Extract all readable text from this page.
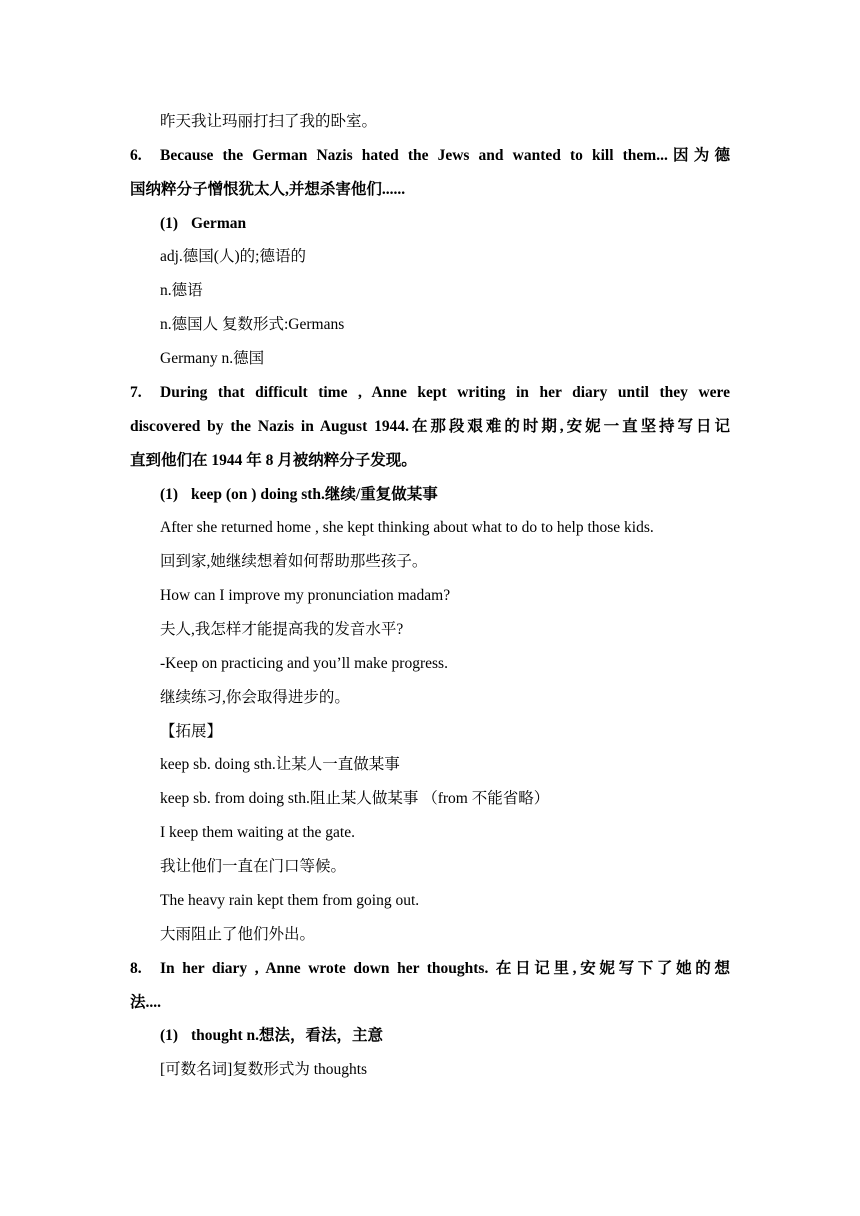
昨天我让玛丽打扫了我的卧室。
6. Because the German Nazis hated the Jews and wanted to kill them...因为德
国纳粹分子憎恨犹太人,并想杀害他们......
(1) German
adj.德国(人)的;德语的
n.德语
n.德国人 复数形式:Germans
Germany n.德国
7. During that difficult time , Anne kept writing in her diary until they were
discovered by the Nazis in August 1944.在那段艰难的时期,安妮一直坚持写日记
直到他们在 1944 年 8 月被纳粹分子发现。
(1) keep (on ) doing sth.继续/重复做某事
After she returned home , she kept thinking about what to do to help those kids.
回到家,她继续想着如何帮助那些孩子。
How can I improve my pronunciation madam?
夫人,我怎样才能提高我的发音水平?
-Keep on practicing and you’ll make progress.
继续练习,你会取得进步的。
【拓展】
keep sb. doing sth.让某人一直做某事
keep sb. from doing sth.阻止某人做某事 （from 不能省略）
I keep them waiting at the gate.
我让他们一直在门口等候。
The heavy rain kept them from going out.
大雨阻止了他们外出。
8. In her diary , Anne wrote down her thoughts. 在日记里,安妮写下了她的想
法....
(1) thought n.想法，看法，主意
[可数名词]复数形式为 thoughts
